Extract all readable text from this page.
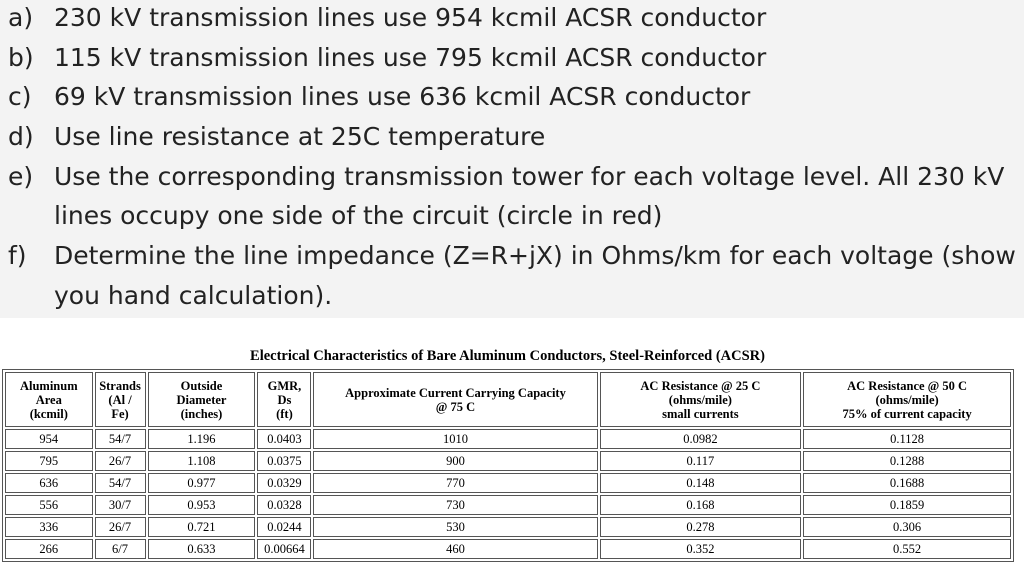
a) 230 kV transmission lines use 954 kcmil ACSR conductor
b) 115 kV transmission lines use 795 kcmil ACSR conductor
c) 69 kV transmission lines use 636 kcmil ACSR conductor
d) Use line resistance at 25C temperature
e) Use the corresponding transmission tower for each voltage level. All 230 kV
lines occupy one side of the circuit (circle in red)
f) Determine the line impedance (Z=R+jX) in Ohms/km for each voltage (show
you hand calculation).
Electrical Characteristics of Bare Aluminum Conductors, Steel-Reinforced (ACSR)
Aluminum
Area
(kcmil)	Strands
(Al /
Fe)	Outside
Diameter
(inches)	GMR,
Ds
(ft)	Approximate Current Carrying Capacity
@ 75 C	AC Resistance @ 25 C
(ohms/mile)
small currents	AC Resistance @ 50 C
(ohms/mile)
75% of current capacity
954	54/7	1.196	0.0403	1010	0.0982	0.1128
795	26/7	1.108	0.0375	900	0.117	0.1288
636	54/7	0.977	0.0329	770	0.148	0.1688
556	30/7	0.953	0.0328	730	0.168	0.1859
336	26/7	0.721	0.0244	530	0.278	0.306
266	6/7	0.633	0.00664	460	0.352	0.552
